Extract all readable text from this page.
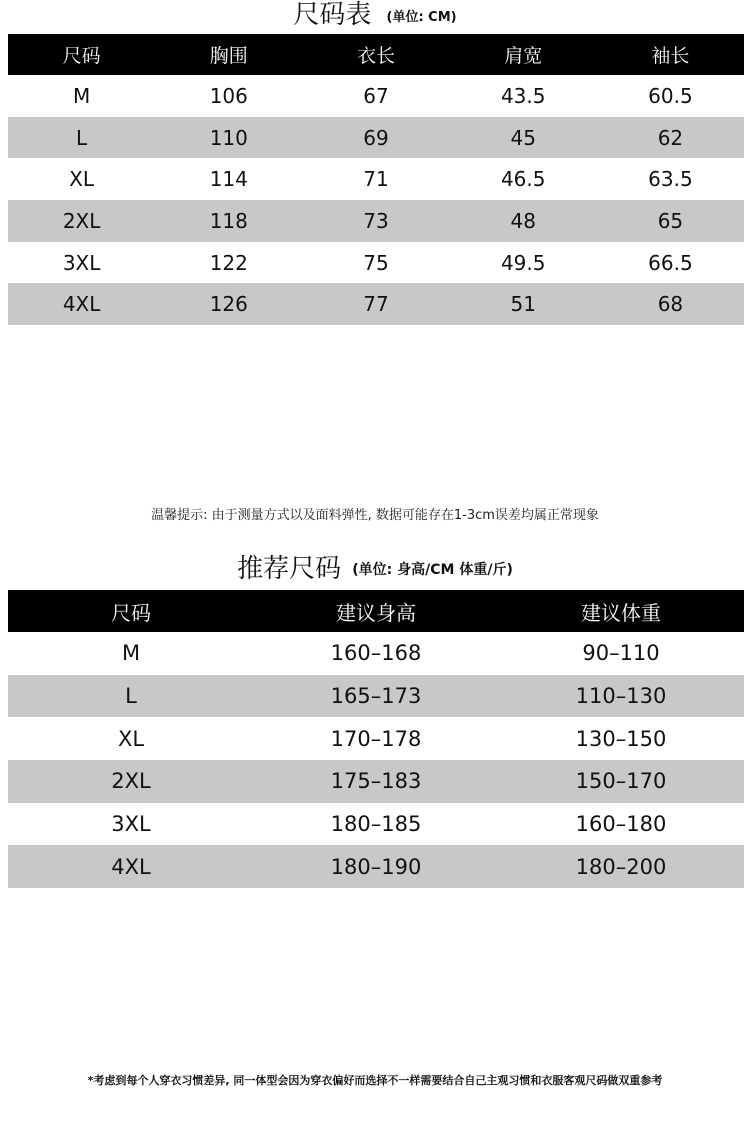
尺码表 (单位: CM)
尺码	胸围	衣长	肩宽	袖长
M	106	67	43.5	60.5
L	110	69	45	62
XL	114	71	46.5	63.5
2XL	118	73	48	65
3XL	122	75	49.5	66.5
4XL	126	77	51	68
温馨提示: 由于测量方式以及面料弹性, 数据可能存在1-3cm误差均属正常现象
推荐尺码 (单位: 身高/CM 体重/斤)
尺码	建议身高	建议体重
M	160–168	90–110
L	165–173	110–130
XL	170–178	130–150
2XL	175–183	150–170
3XL	180–185	160–180
4XL	180–190	180–200
*考虑到每个人穿衣习惯差异, 同一体型会因为穿衣偏好而选择不一样需要结合自己主观习惯和衣服客观尺码做双重参考
